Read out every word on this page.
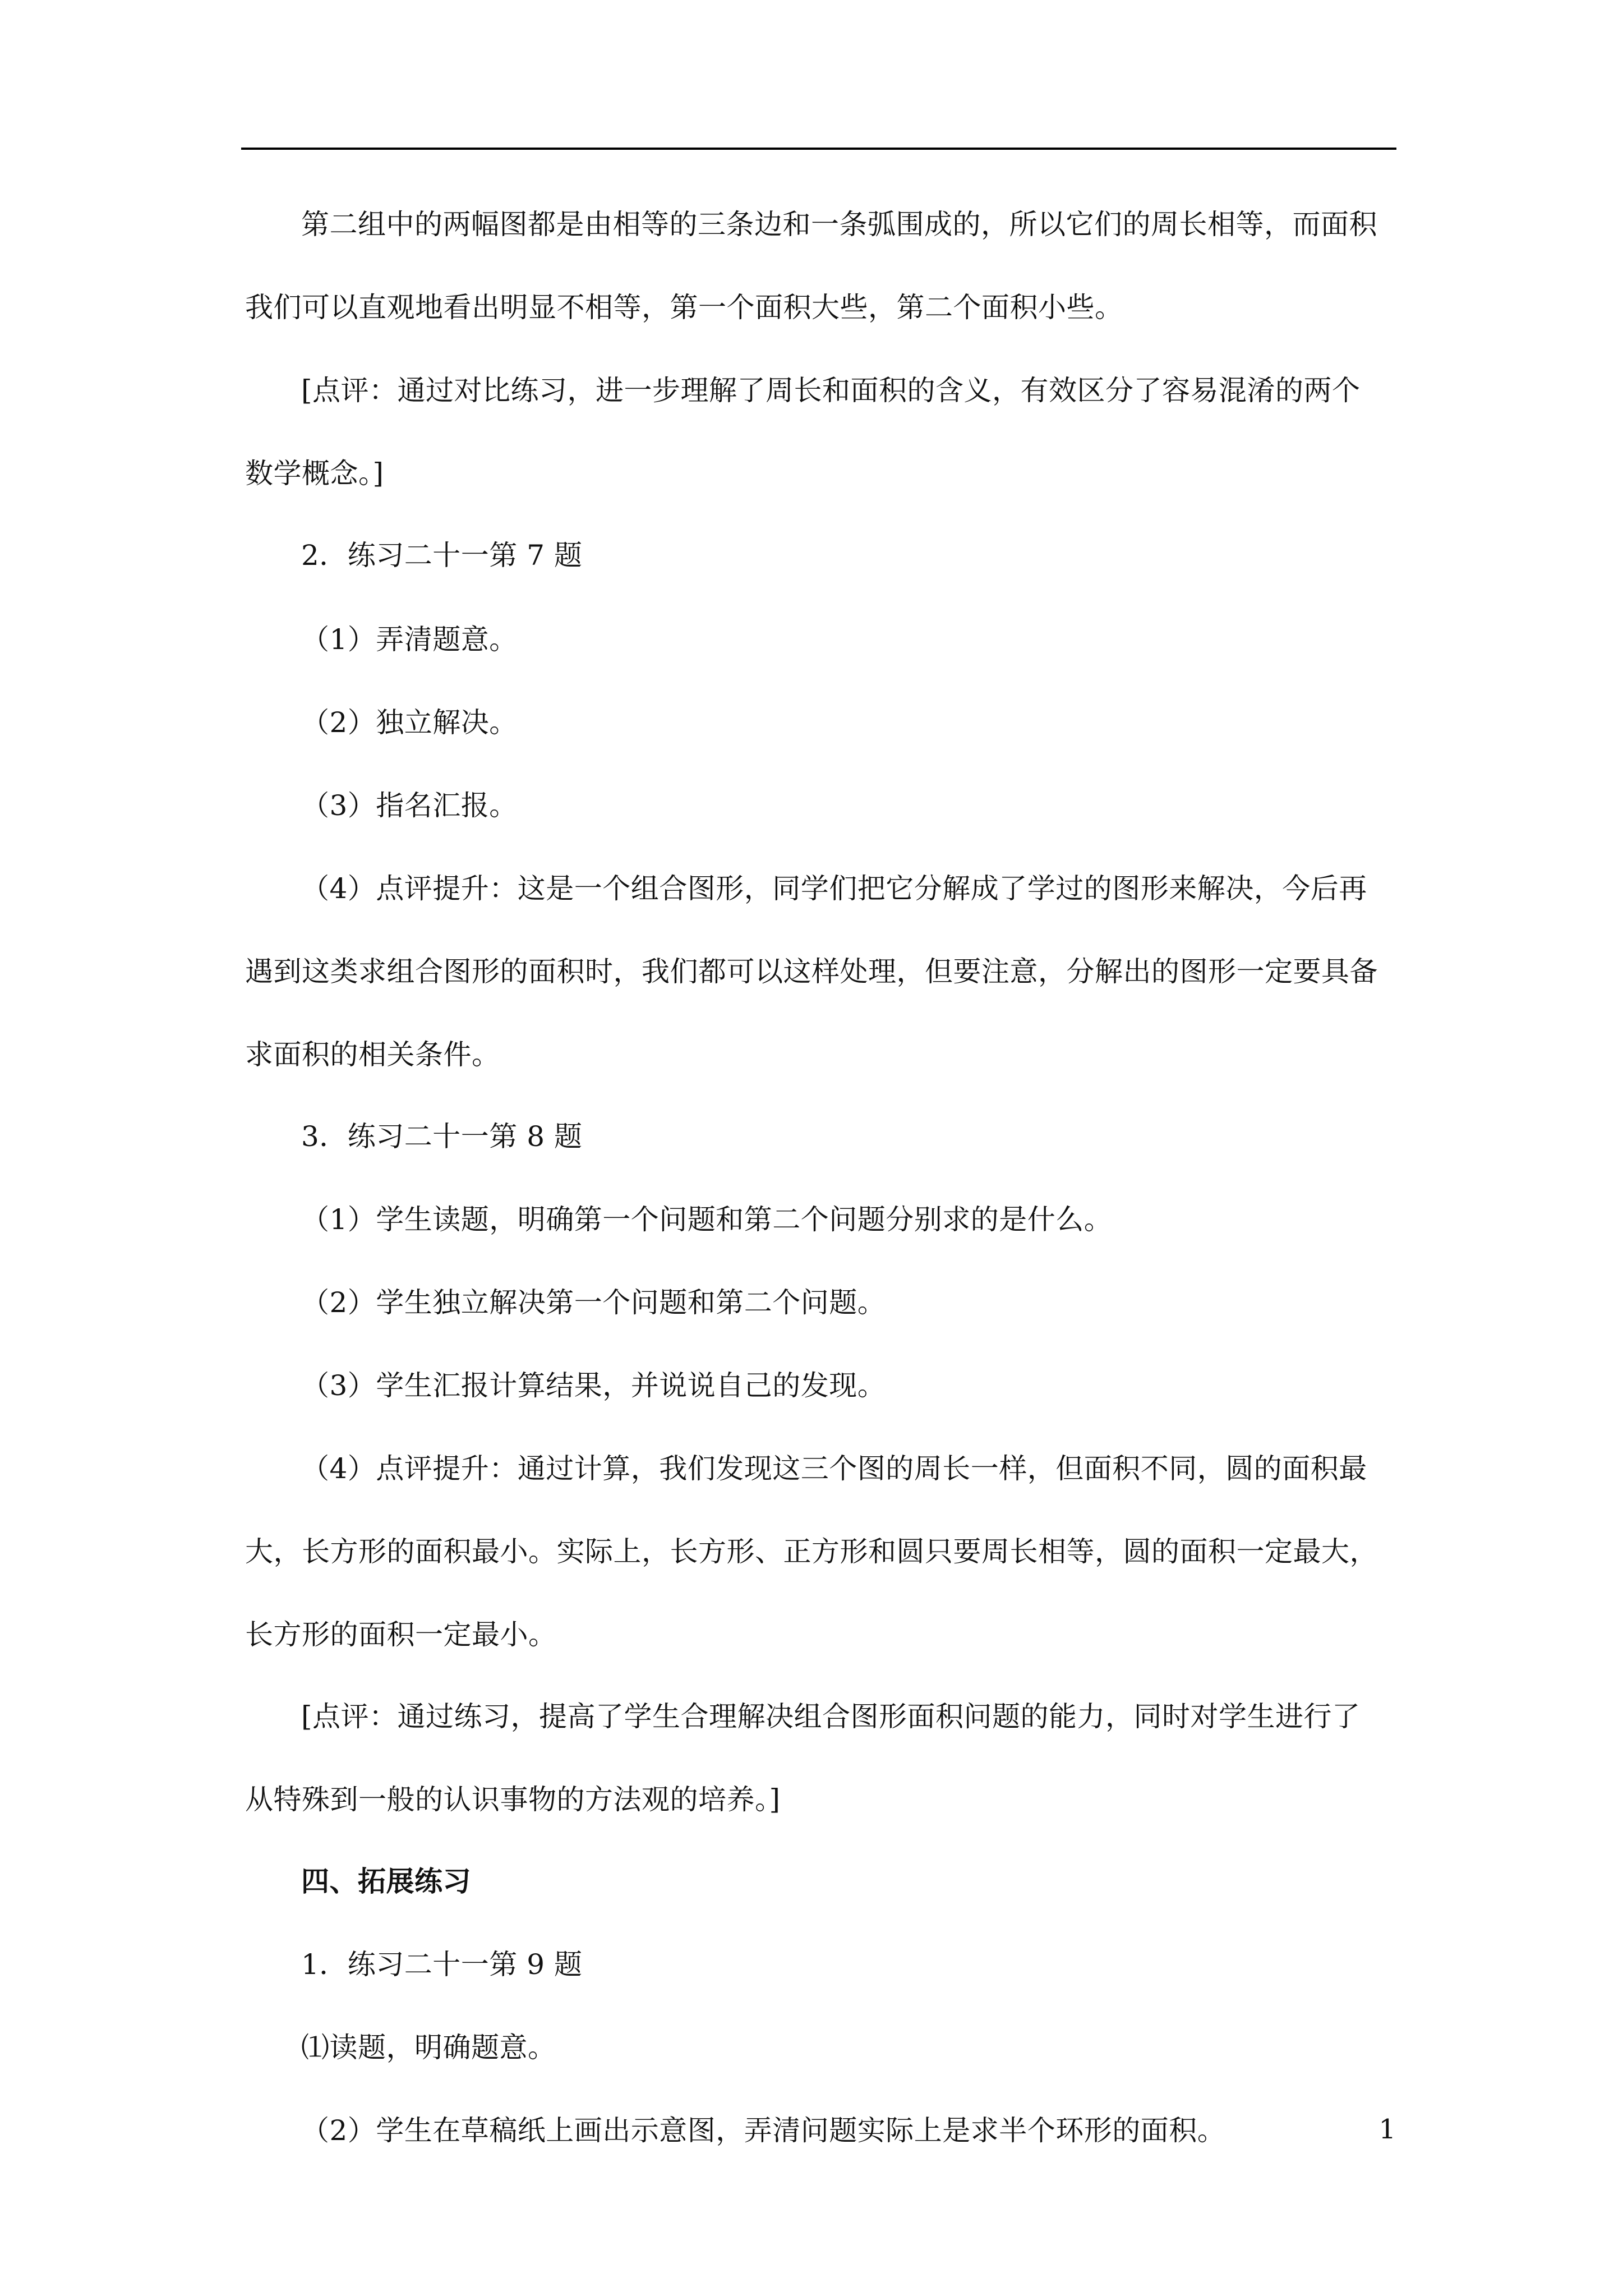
第二组中的两幅图都是由相等的三条边和一条弧围成的，所以它们的周长相等，而面积
我们可以直观地看出明显不相等，第一个面积大些，第二个面积小些。

[点评：通过对比练习，进一步理解了周长和面积的含义，有效区分了容易混淆的两个
数学概念。]

2．练习二十一第 7 题

（1）弄清题意。

（2）独立解决。

（3）指名汇报。

（4）点评提升：这是一个组合图形，同学们把它分解成了学过的图形来解决，今后再
遇到这类求组合图形的面积时，我们都可以这样处理，但要注意，分解出的图形一定要具备
求面积的相关条件。

3．练习二十一第 8 题

（1）学生读题，明确第一个问题和第二个问题分别求的是什么。

（2）学生独立解决第一个问题和第二个问题。

（3）学生汇报计算结果，并说说自己的发现。

（4）点评提升：通过计算，我们发现这三个图的周长一样，但面积不同，圆的面积最
大，长方形的面积最小。实际上，长方形、正方形和圆只要周长相等，圆的面积一定最大，
长方形的面积一定最小。

[点评：通过练习，提高了学生合理解决组合图形面积问题的能力，同时对学生进行了
从特殊到一般的认识事物的方法观的培养。]

四、拓展练习

1．练习二十一第 9 题

⑴读题，明确题意。

（2）学生在草稿纸上画出示意图，弄清问题实际上是求半个环形的面积。	1
